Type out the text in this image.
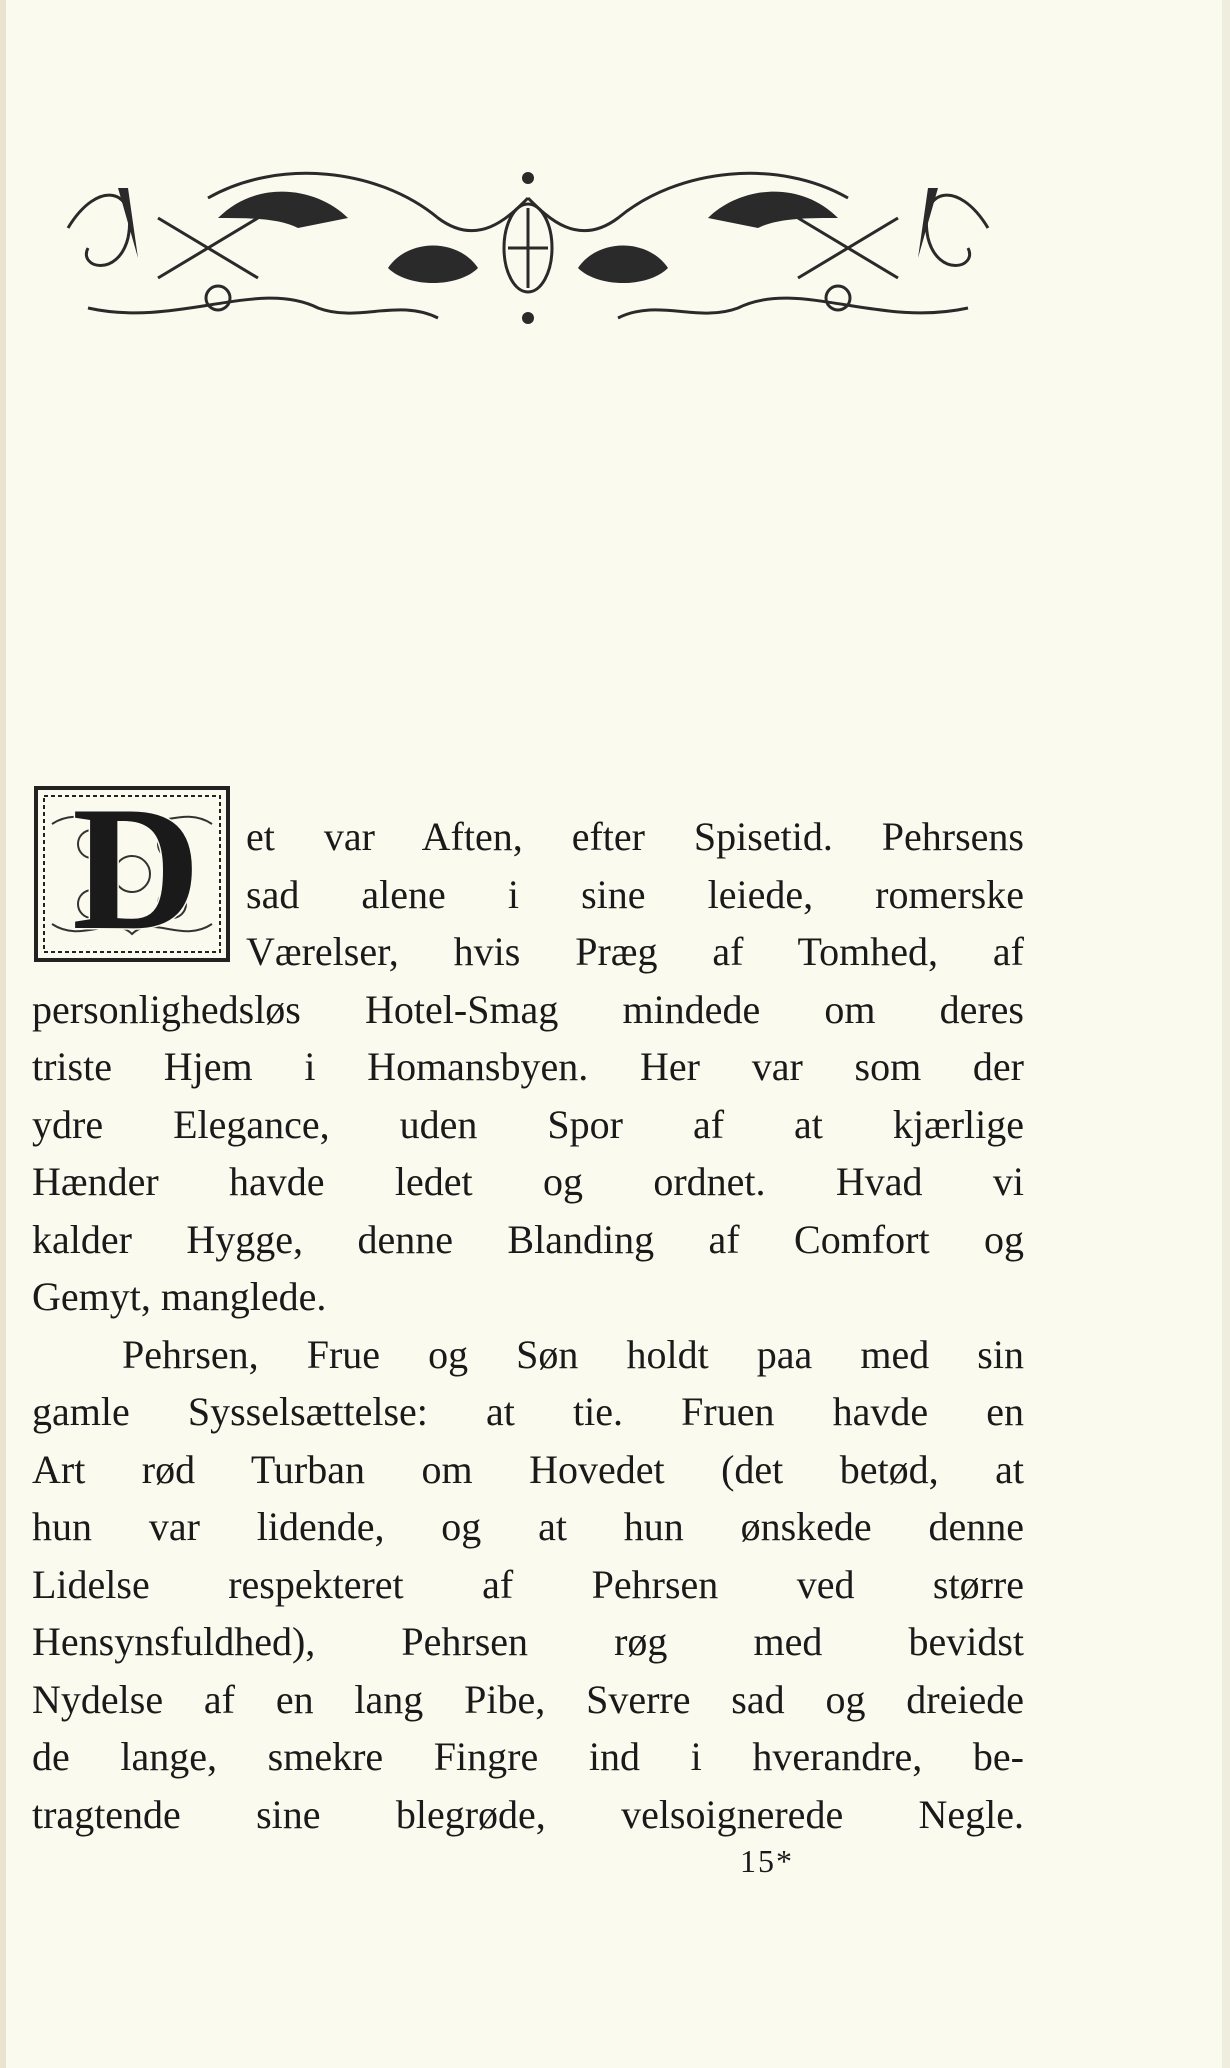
D	et var Aften, efter Spisetid. Pehrsens
sad alene i sine leiede, romerske
Værelser, hvis Præg af Tomhed, af
personlighedsløs Hotel-Smag mindede om deres
triste Hjem i Homansbyen. Her var som der
ydre Elegance, uden Spor af at kjærlige
Hænder havde ledet og ordnet. Hvad vi
kalder Hygge, denne Blanding af Comfort og
Gemyt, manglede.
Pehrsen, Frue og Søn holdt paa med sin
gamle Sysselsættelse: at tie. Fruen havde en
Art rød Turban om Hovedet (det betød, at
hun var lidende, og at hun ønskede denne
Lidelse respekteret af Pehrsen ved større
Hensynsfuldhed), Pehrsen røg med bevidst
Nydelse af en lang Pibe, Sverre sad og dreiede
de lange, smekre Fingre ind i hverandre, be-
tragtende sine blegrøde, velsoignerede Negle.
15*
